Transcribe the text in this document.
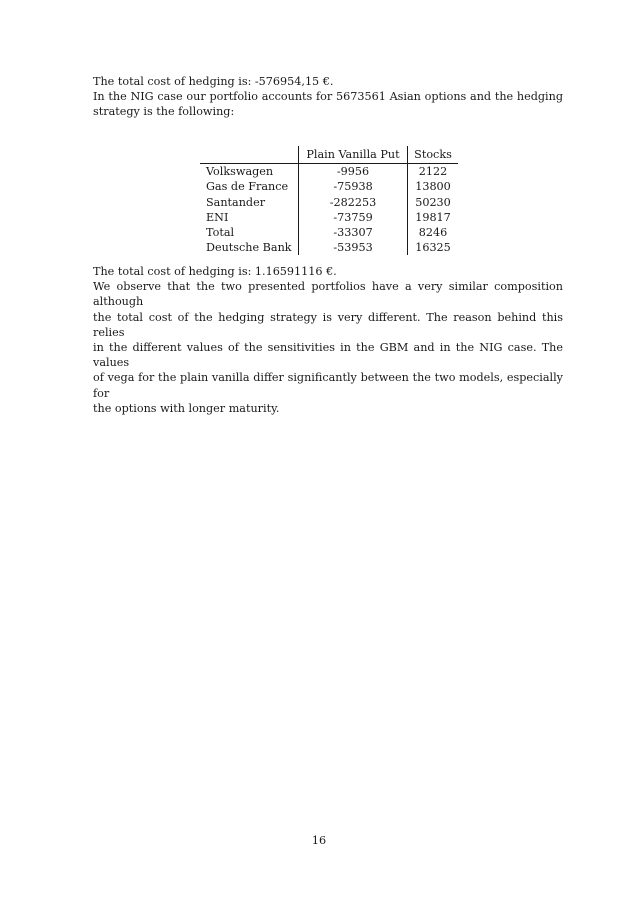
The total cost of hedging is: -576954,15 €.
In the NIG case our portfolio accounts for 5673561 Asian options and the hedging
strategy is the following:
	Plain Vanilla Put	Stocks
Volkswagen	-9956	2122
Gas de France	-75938	13800
Santander	-282253	50230
ENI	-73759	19817
Total	-33307	8246
Deutsche Bank	-53953	16325
The total cost of hedging is: 1.16591116 €.
We observe that the two presented portfolios have a very similar composition although
the total cost of the hedging strategy is very different. The reason behind this relies
in the different values of the sensitivities in the GBM and in the NIG case. The values
of vega for the plain vanilla differ significantly between the two models, especially for
the options with longer maturity.
16
